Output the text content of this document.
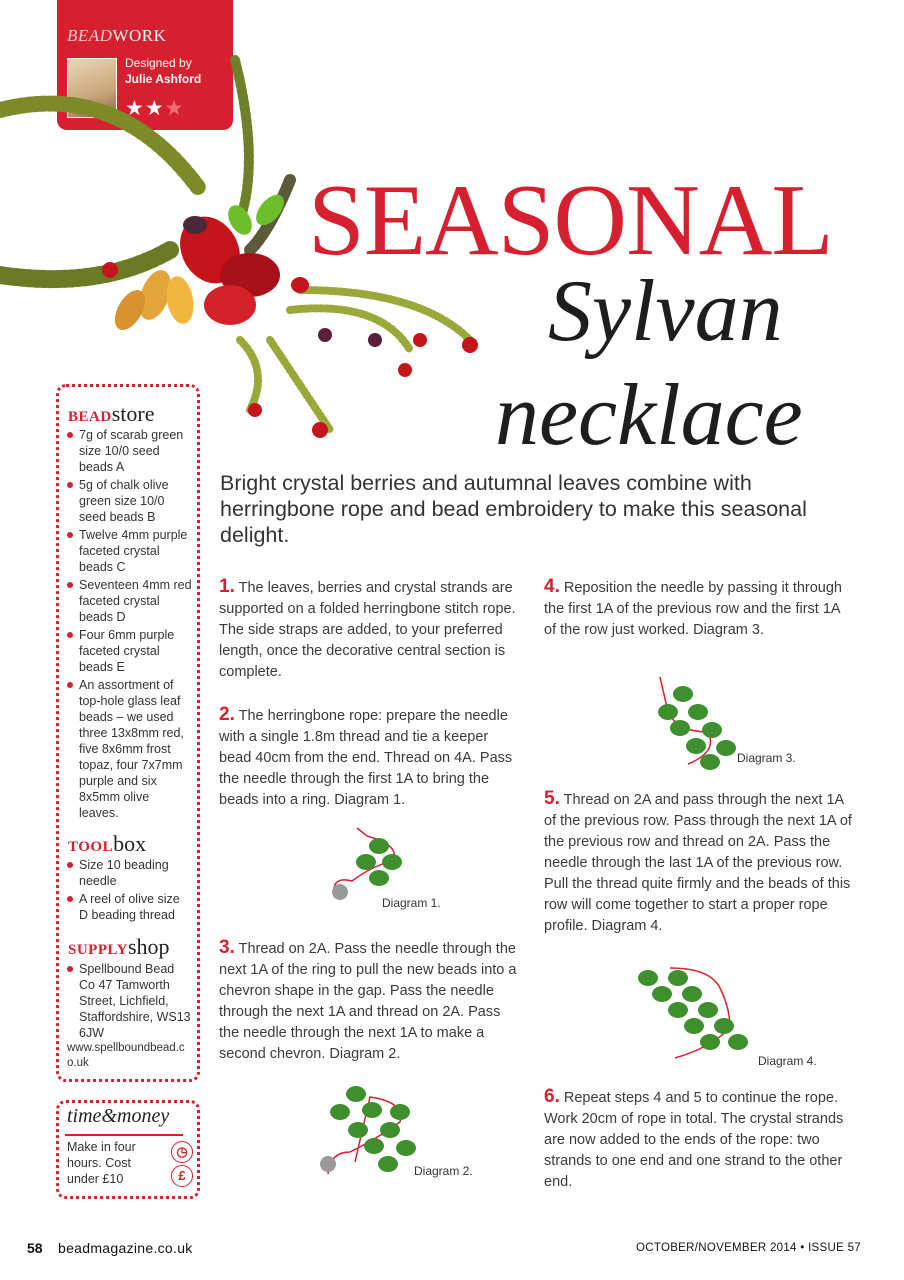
BEADWORK
Designed by
Julie Ashford
★★★
SEASONAL
Sylvan
necklace
Bright crystal berries and autumnal leaves combine with herringbone rope and bead embroidery to make this seasonal delight.
BEADstore
7g of scarab green size 10/0 seed beads A
5g of chalk olive green size 10/0 seed beads B
Twelve 4mm purple faceted crystal beads C
Seventeen 4mm red faceted crystal beads D
Four 6mm purple faceted crystal beads E
An assortment of top-hole glass leaf beads – we used three 13x8mm red, five 8x6mm frost topaz, four 7x7mm purple and six 8x5mm olive leaves.
TOOLbox
Size 10 beading needle
A reel of olive size D beading thread
SUPPLYshop
Spellbound Bead Co 47 Tamworth Street, Lichfield, Staffordshire, WS13 6JW
www.spellboundbead.co.uk
time&money
Make in four hours. Cost under £10
◷
£
1. The leaves, berries and crystal strands are supported on a folded herringbone stitch rope. The side straps are added, to your preferred length, once the decorative central section is complete.
2. The herringbone rope: prepare the needle with a single 1.8m thread and tie a keeper bead 40cm from the end. Thread on 4A. Pass the needle through the first 1A to bring the beads into a ring. Diagram 1.
Diagram 1.
3. Thread on 2A. Pass the needle through the next 1A of the ring to pull the new beads into a chevron shape in the gap. Pass the needle through the next 1A and thread on 2A. Pass the needle through the next 1A to make a second chevron. Diagram 2.
Diagram 2.
4. Reposition the needle by passing it through the first 1A of the previous row and the first 1A of the row just worked. Diagram 3.
Diagram 3.
5. Thread on 2A and pass through the next 1A of the previous row. Pass through the next 1A of the previous row and thread on 2A. Pass the needle through the last 1A of the previous row. Pull the thread quite firmly and the beads of this row will come together to start a proper rope profile. Diagram 4.
Diagram 4.
6. Repeat steps 4 and 5 to continue the rope. Work 20cm of rope in total. The crystal strands are now added to the ends of the rope: two strands to one end and one strand to the other end.
58 beadmagazine.co.uk	OCTOBER/NOVEMBER 2014 • ISSUE 57
